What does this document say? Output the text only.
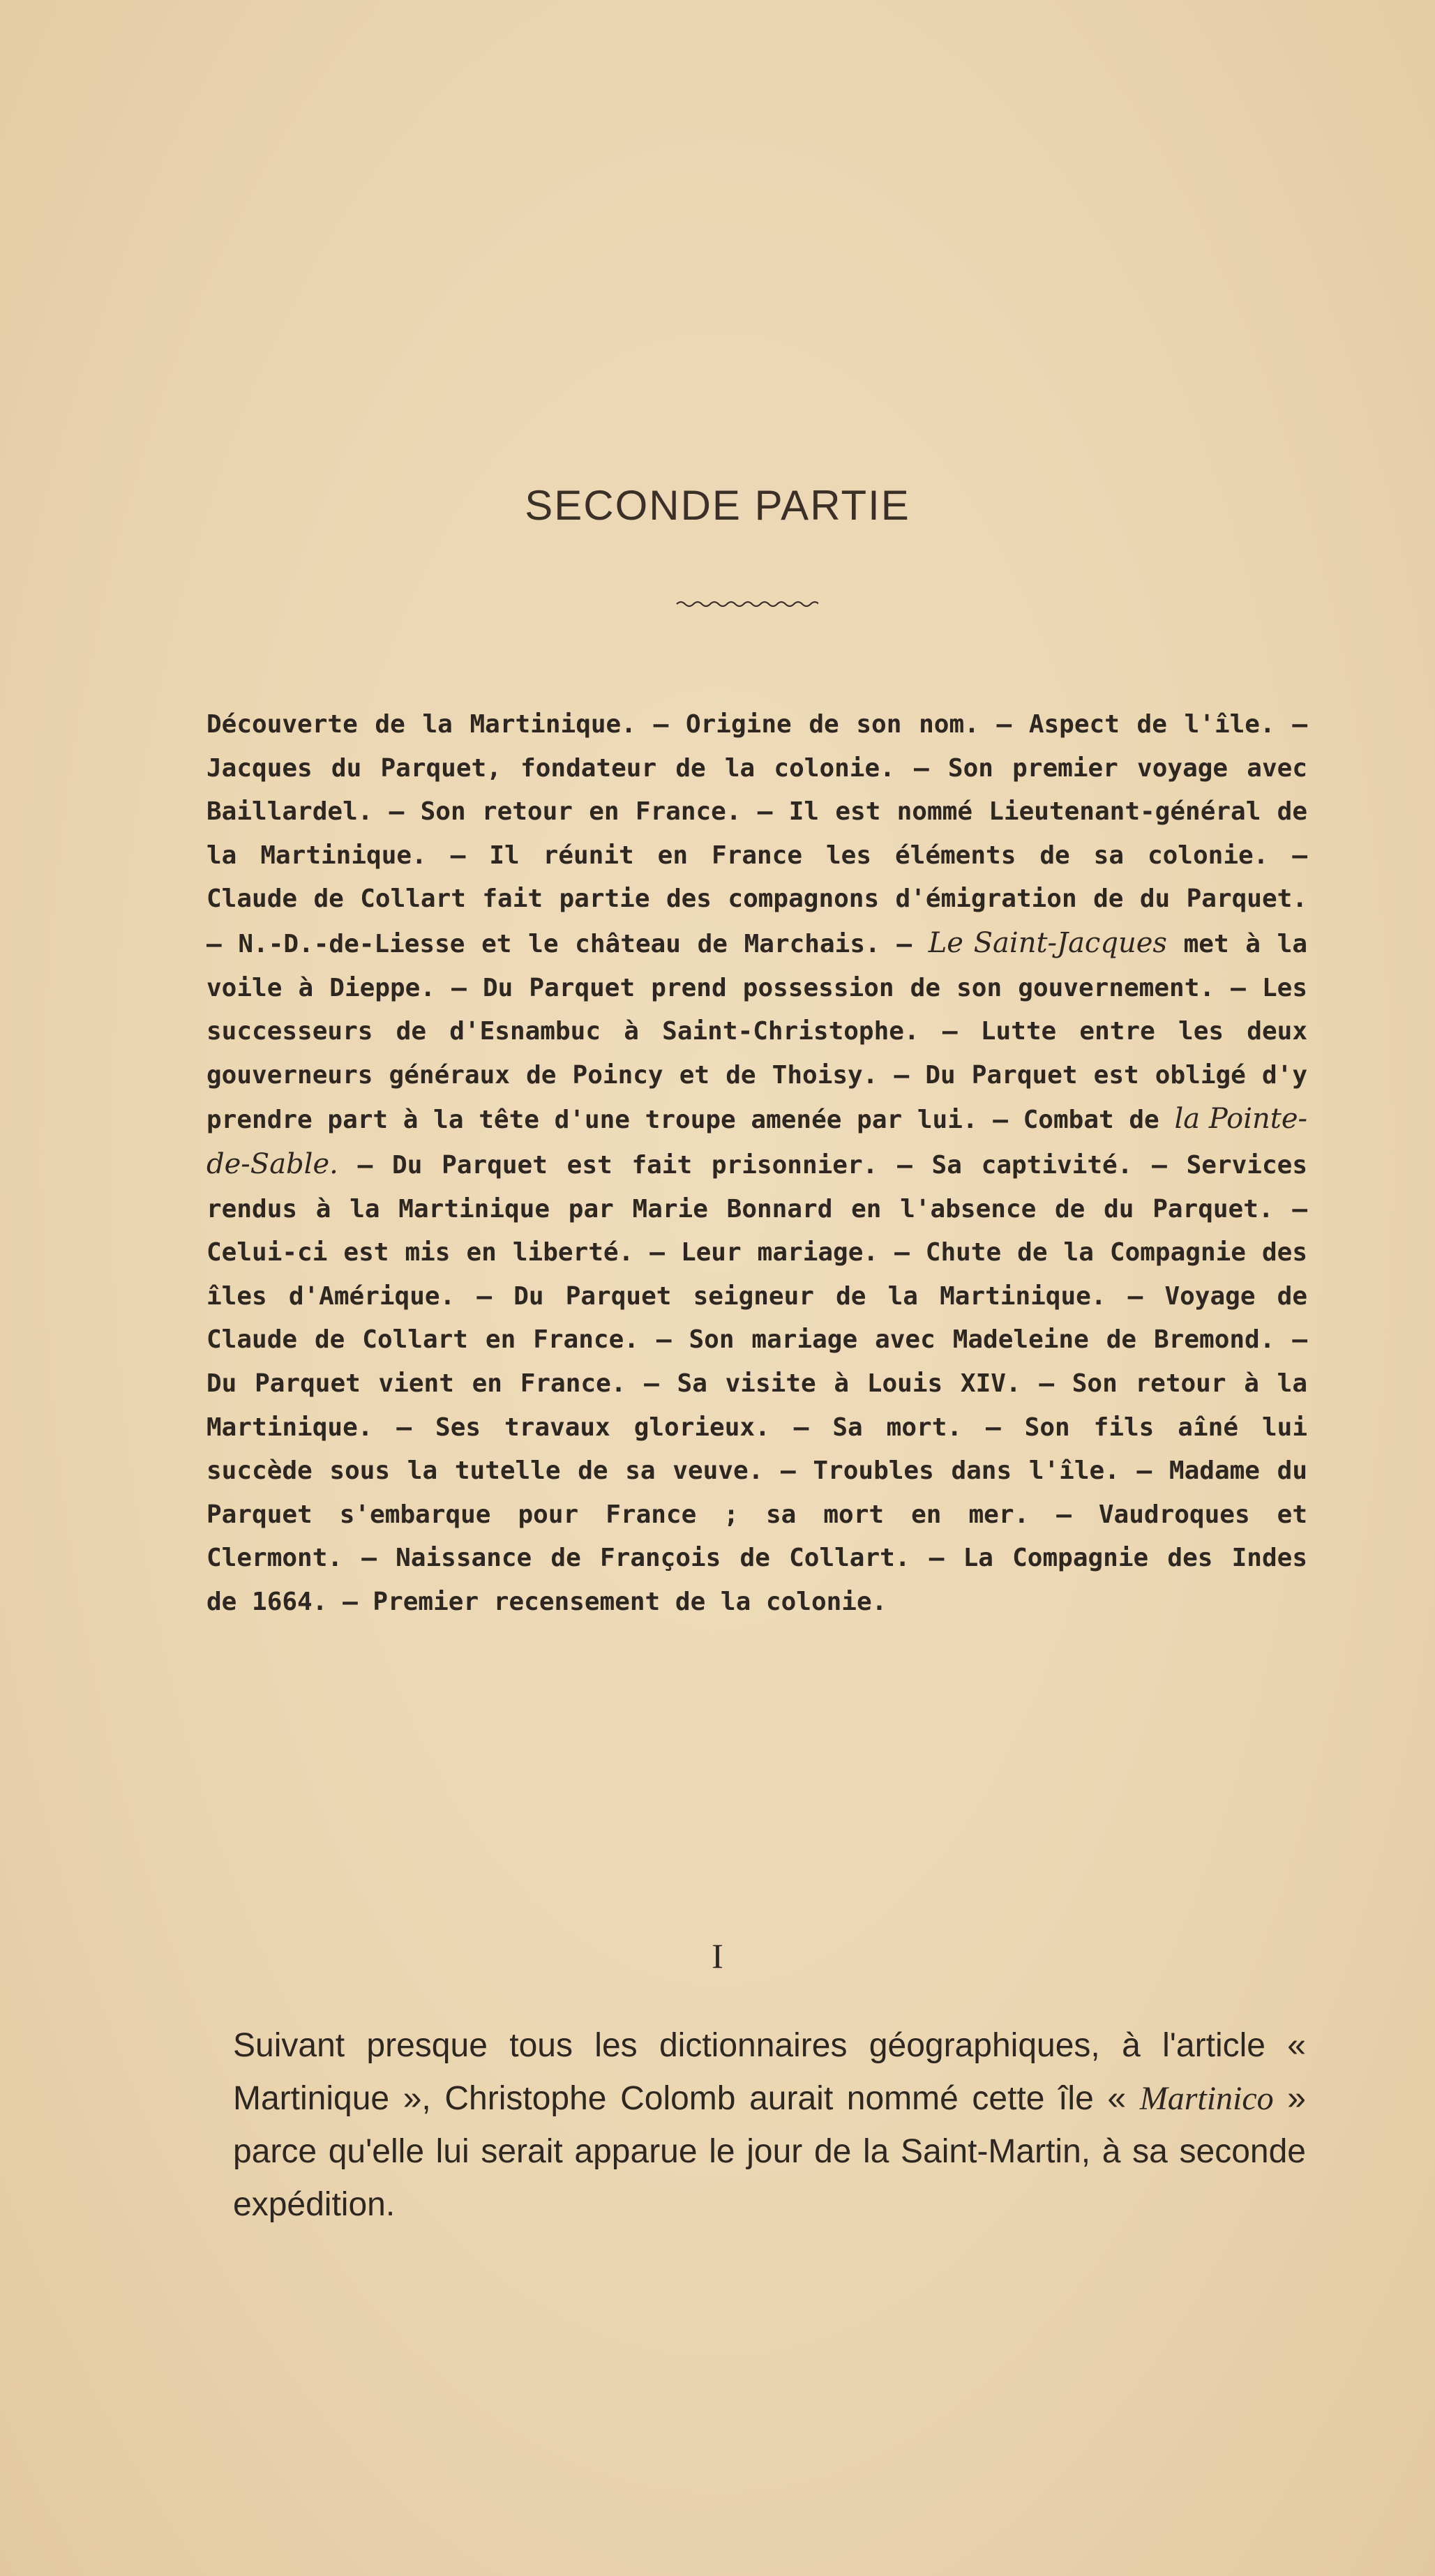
SECONDE PARTIE
Découverte de la Martinique. — Origine de son nom. — Aspect de l'île. — Jacques du Parquet, fondateur de la colonie. — Son premier voyage avec Baillardel. — Son retour en France. — Il est nommé Lieutenant-général de la Martinique. — Il réunit en France les éléments de sa colonie. — Claude de Collart fait partie des compagnons d'émigration de du Parquet. — N.-D.-de-Liesse et le château de Marchais. — Le Saint-Jacques met à la voile à Dieppe. — Du Parquet prend possession de son gouvernement. — Les successeurs de d'Esnambuc à Saint-Christophe. — Lutte entre les deux gouverneurs généraux de Poincy et de Thoisy. — Du Parquet est obligé d'y prendre part à la tête d'une troupe amenée par lui. — Combat de la Pointe-de-Sable. — Du Parquet est fait prisonnier. — Sa captivité. — Services rendus à la Martinique par Marie Bonnard en l'absence de du Parquet. — Celui-ci est mis en liberté. — Leur mariage. — Chute de la Compagnie des îles d'Amérique. — Du Parquet seigneur de la Martinique. — Voyage de Claude de Collart en France. — Son mariage avec Madeleine de Bremond. — Du Parquet vient en France. — Sa visite à Louis XIV. — Son retour à la Martinique. — Ses travaux glorieux. — Sa mort. — Son fils aîné lui succède sous la tutelle de sa veuve. — Troubles dans l'île. — Madame du Parquet s'embarque pour France ; sa mort en mer. — Vaudroques et Clermont. — Naissance de François de Collart. — La Compagnie des Indes de 1664. — Premier recensement de la colonie.
I
Suivant presque tous les dictionnaires géographiques, à l'article « Martinique », Christophe Colomb aurait nommé cette île « Martinico » parce qu'elle lui serait apparue le jour de la Saint-Martin, à sa seconde expédition.
